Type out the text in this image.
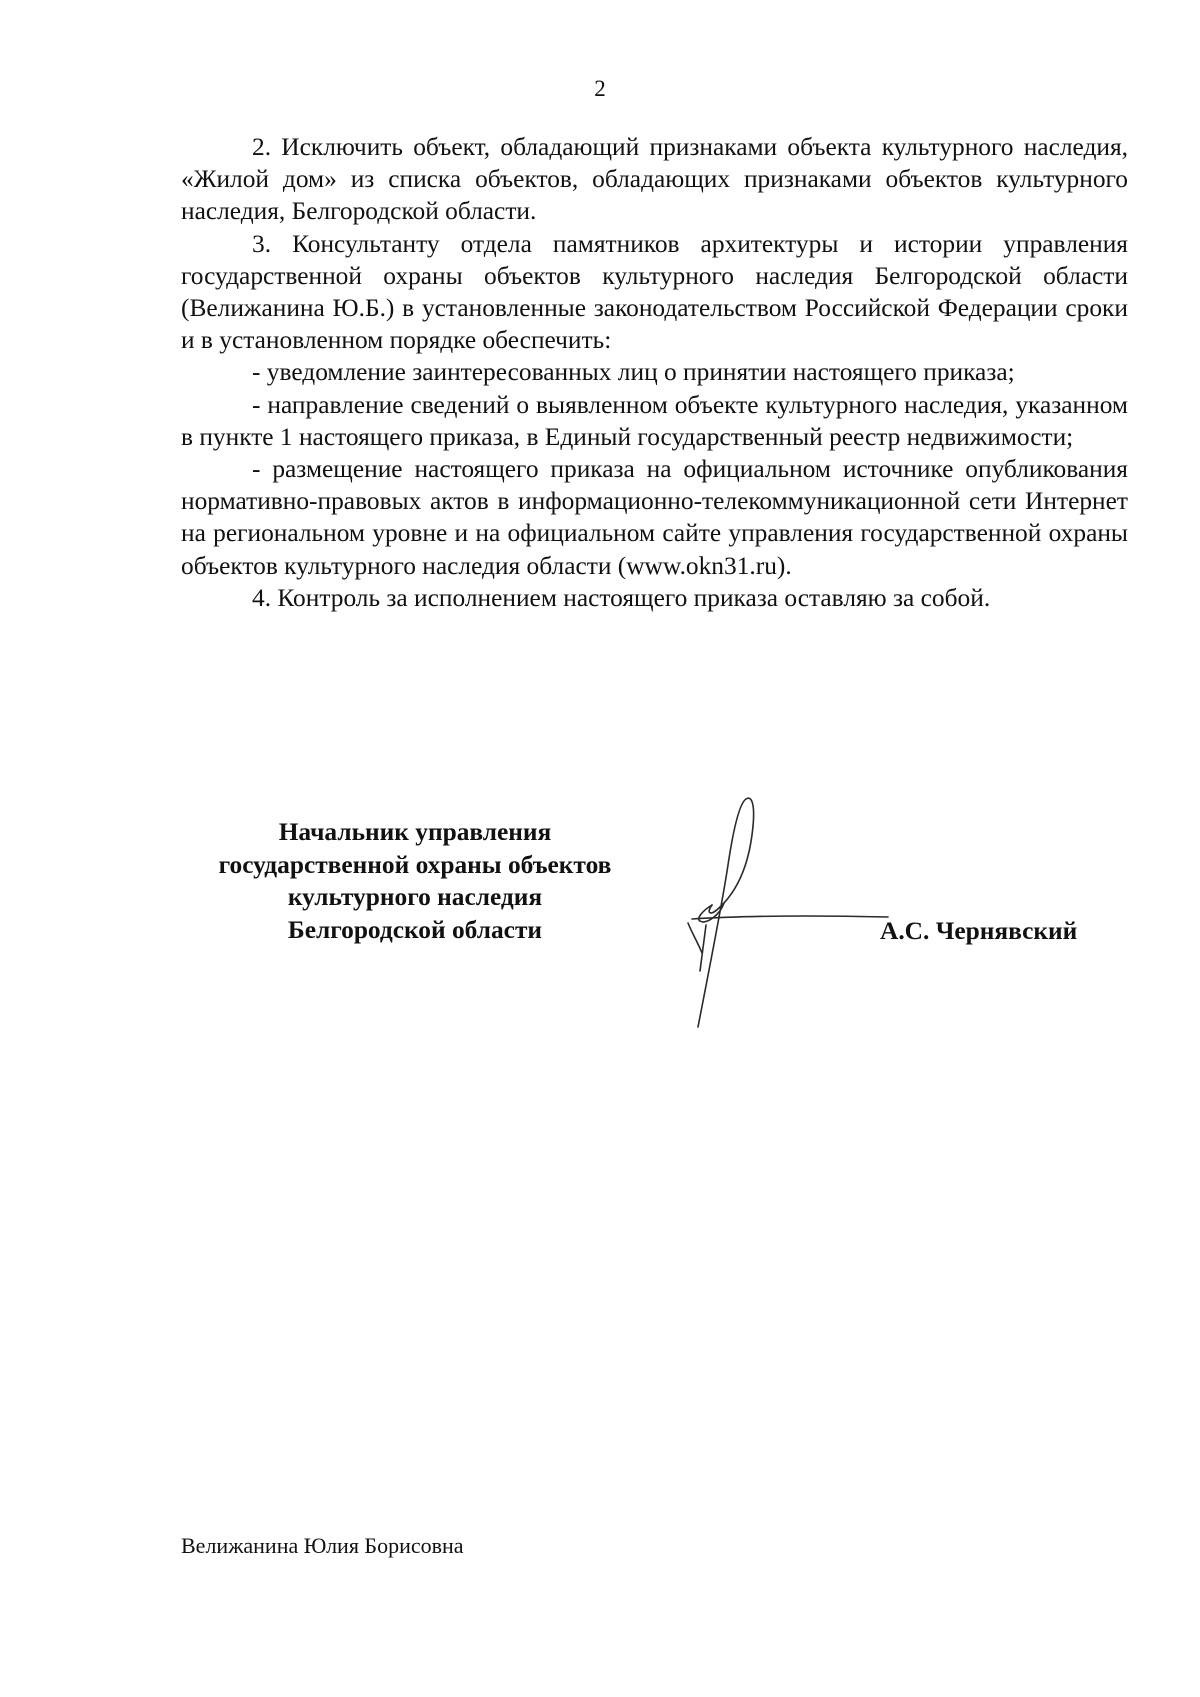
2

2. Исключить объект, обладающий признаками объекта культурного наследия, «Жилой дом» из списка объектов, обладающих признаками объектов культурного наследия, Белгородской области.

3. Консультанту отдела памятников архитектуры и истории управления государственной охраны объектов культурного наследия Белгородской области (Велижанина Ю.Б.) в установленные законодательством Российской Федерации сроки и в установленном порядке обеспечить:

- уведомление заинтересованных лиц о принятии настоящего приказа;

- направление сведений о выявленном объекте культурного наследия, указанном в пункте 1 настоящего приказа, в Единый государственный реестр недвижимости;

- размещение настоящего приказа на официальном источнике опубликования нормативно-правовых актов в информационно-телекоммуникационной сети Интернет на региональном уровне и на официальном сайте управления государственной охраны объектов культурного наследия области (www.okn31.ru).

4. Контроль за исполнением настоящего приказа оставляю за собой.

Начальник управления
государственной охраны объектов
культурного наследия
Белгородской области	А.С. Чернявский
Велижанина Юлия Борисовна
